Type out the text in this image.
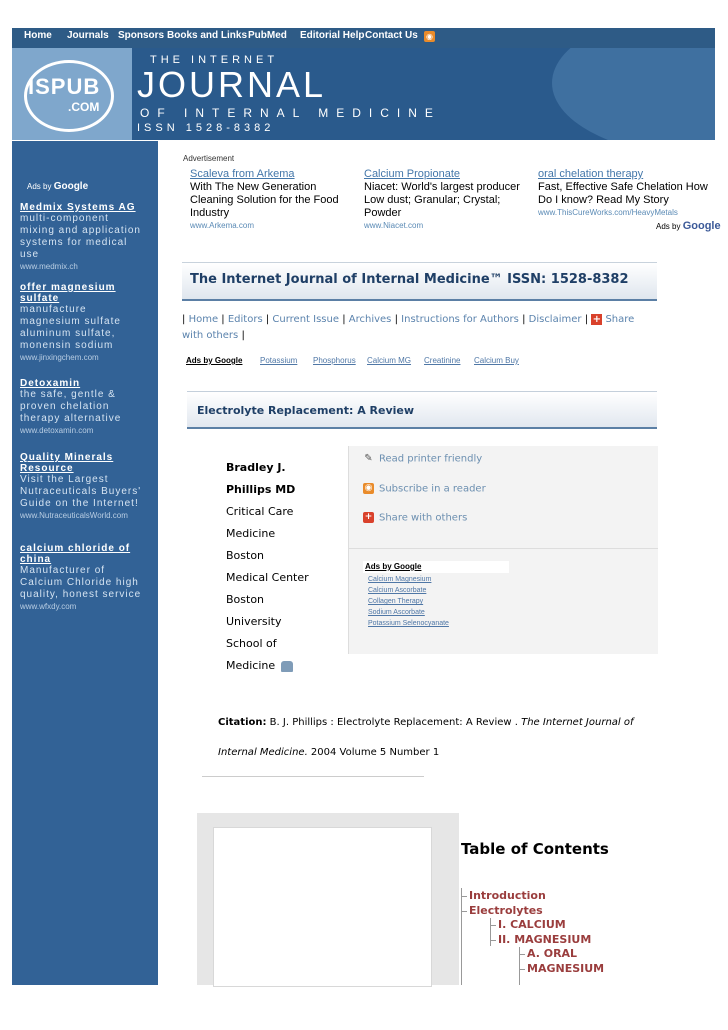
Home Journals Sponsors Books and Links PubMed Editorial Help Contact Us ◉
ISPUB
.COM
THE INTERNET
JOURNAL
OF INTERNAL MEDICINE
ISSN 1528-8382
Ads by Google
Medmix Systems AG
multi-component mixing and application systems for medical use
www.medmix.ch
offer magnesium sulfate
manufacture magnesium sulfate aluminum sulfate, monensin sodium
www.jinxingchem.com
Detoxamin
the safe, gentle & proven chelation therapy alternative
www.detoxamin.com
Quality Minerals Resource
Visit the Largest Nutraceuticals Buyers' Guide on the Internet!
www.NutraceuticalsWorld.com
calcium chloride of china
Manufacturer of Calcium Chloride high quality, honest service
www.wfxdy.com
Advertisement
Scaleva from Arkema
With The New Generation Cleaning Solution for the Food Industry
www.Arkema.com
Calcium Propionate
Niacet: World's largest producer Low dust; Granular; Crystal; Powder
www.Niacet.com
oral chelation therapy
Fast, Effective Safe Chelation How Do I know? Read My Story
www.ThisCureWorks.com/HeavyMetals
Ads by Google
The Internet Journal of Internal Medicine™ ISSN: 1528-8382
| Home | Editors | Current Issue | Archives | Instructions for Authors | Disclaimer | + Share with others |
Ads by Google Potassium Phosphorus Calcium MG Creatinine Calcium Buy
Electrolyte Replacement: A Review
Bradley J.
Phillips MD
Critical Care
Medicine
Boston
Medical Center
Boston
University
School of
Medicine
✎ Read printer friendly
◉ Subscribe in a reader
+ Share with others
Ads by Google
Calcium Magnesium
Calcium Ascorbate
Collagen Therapy
Sodium Ascorbate
Potassium Selenocyanate
Citation: B. J. Phillips : Electrolyte Replacement: A Review . The Internet Journal of
Internal Medicine. 2004 Volume 5 Number 1
Table of Contents
Introduction
Electrolytes
I. CALCIUM
II. MAGNESIUM
A. ORAL
MAGNESIUM
